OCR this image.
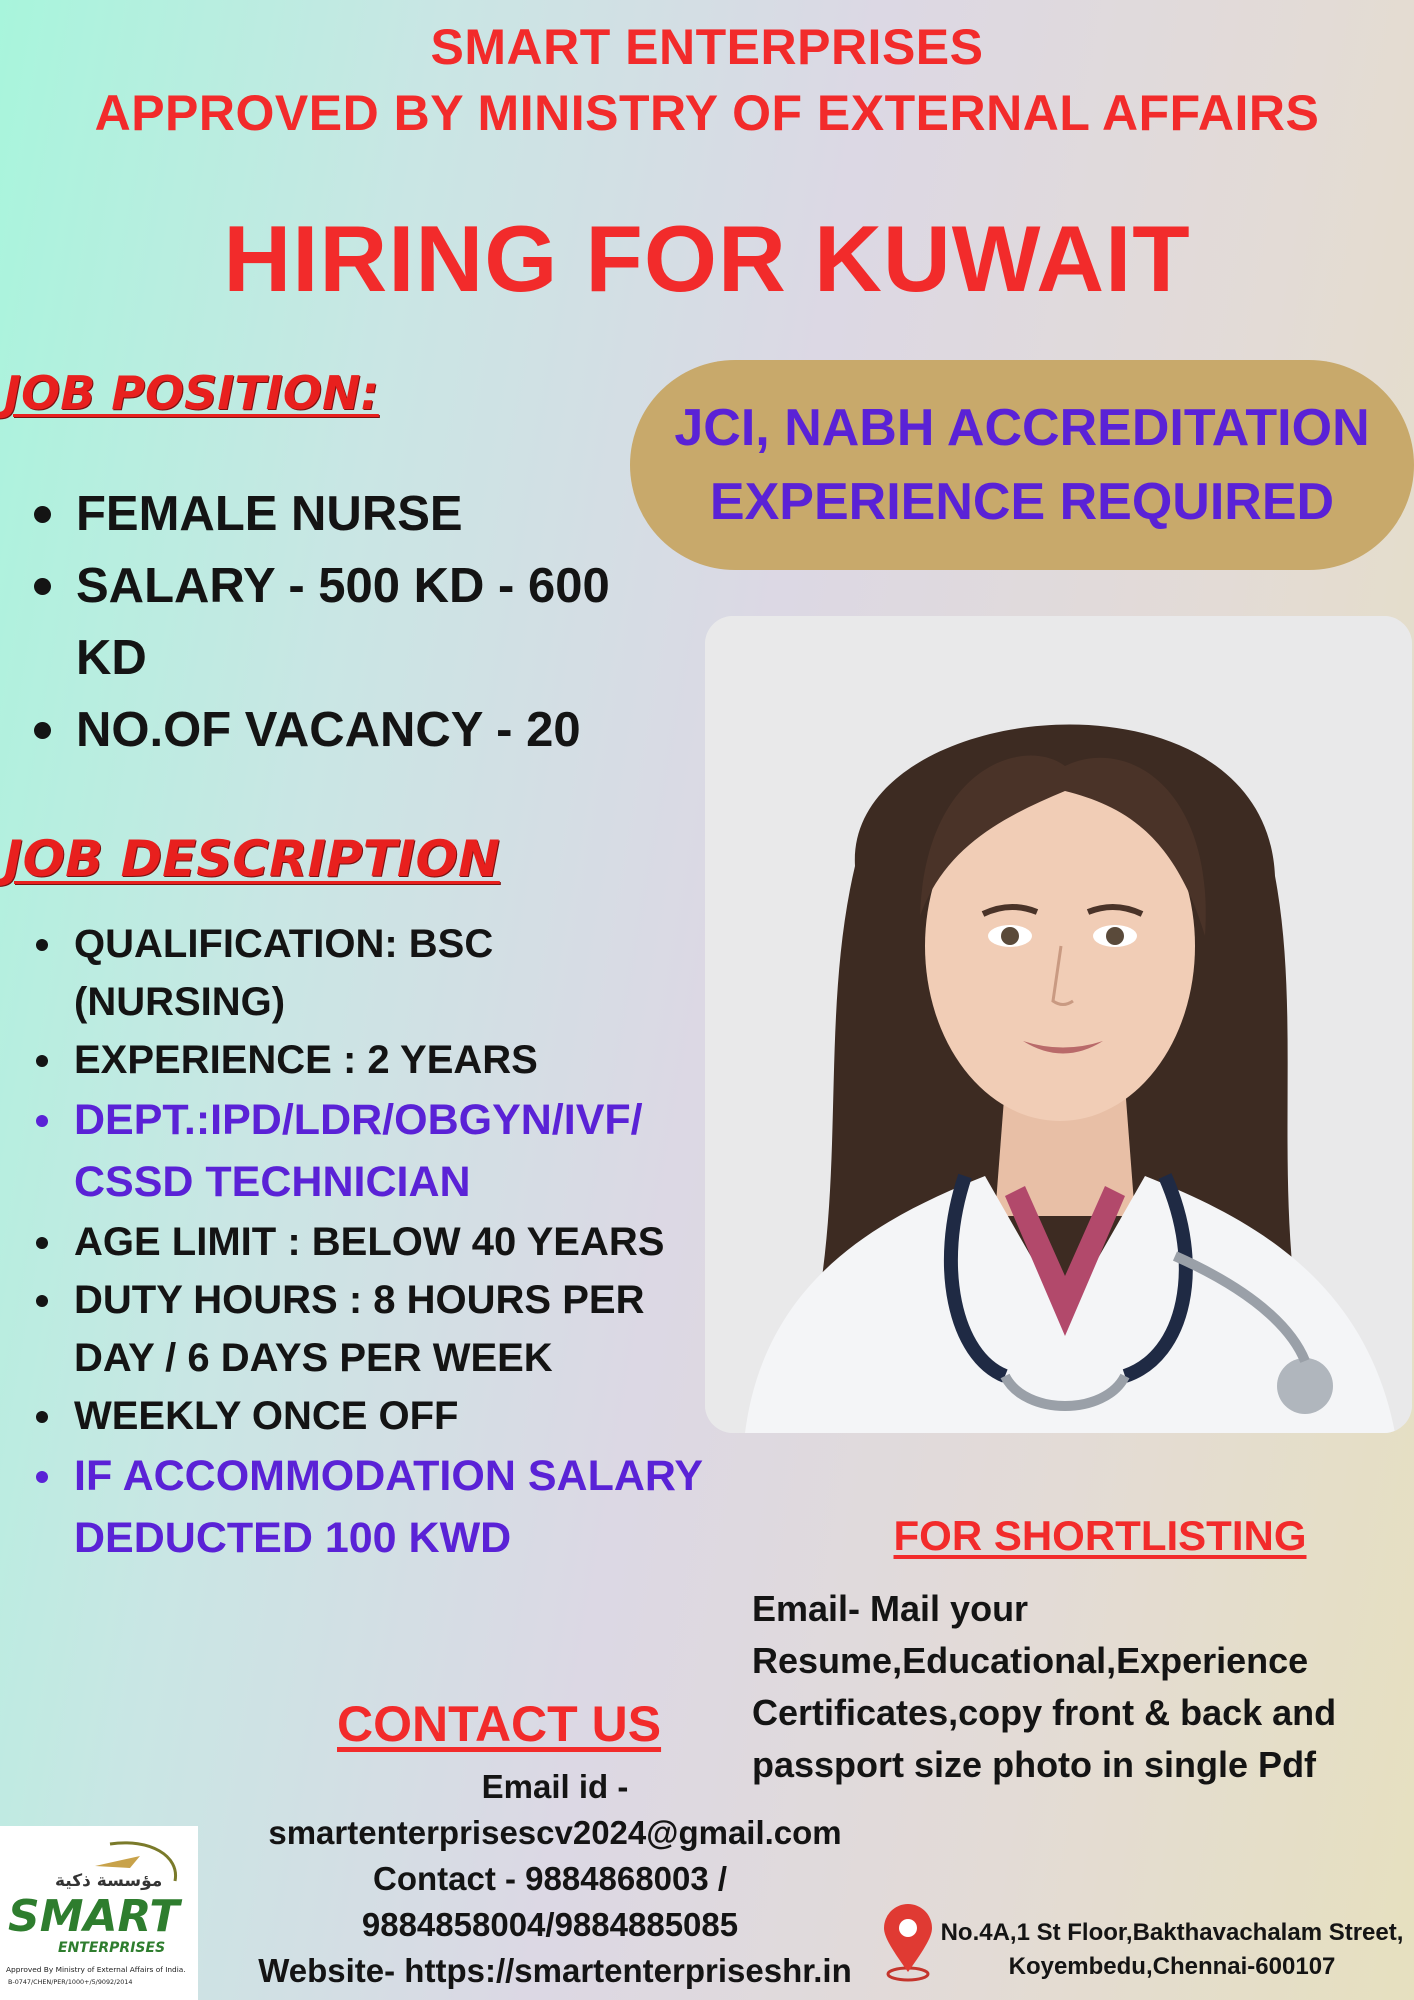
SMART ENTERPRISES
APPROVED BY MINISTRY OF EXTERNAL AFFAIRS
HIRING FOR KUWAIT
JOB POSITION:
FEMALE NURSE
SALARY - 500 KD - 600 KD
NO.OF VACANCY - 20
JCI, NABH ACCREDITATION
EXPERIENCE REQUIRED
JOB DESCRIPTION
QUALIFICATION: BSC (NURSING)
EXPERIENCE : 2 YEARS
DEPT.:IPD/LDR/OBGYN/IVF/ CSSD TECHNICIAN
AGE LIMIT : BELOW 40 YEARS
DUTY HOURS : 8 HOURS PER DAY / 6 DAYS PER WEEK
WEEKLY ONCE OFF
IF ACCOMMODATION SALARY DEDUCTED 100 KWD	FOR SHORTLISTING
Email- Mail your Resume,Educational,Experience Certificates,copy front & back and passport size photo in single Pdf
CONTACT US
Email id -
smartenterprisescv2024@gmail.com
Contact - 9884868003 /
9884858004/9884885085
Website- https://smartenterpriseshr.in
مؤسسة ذكية
SMART
ENTERPRISES
Approved By Ministry of External Affairs of India.
B-0747/CHEN/PER/1000+/5/9092/2014
No.4A,1 St Floor,Bakthavachalam Street,
Koyembedu,Chennai-600107
